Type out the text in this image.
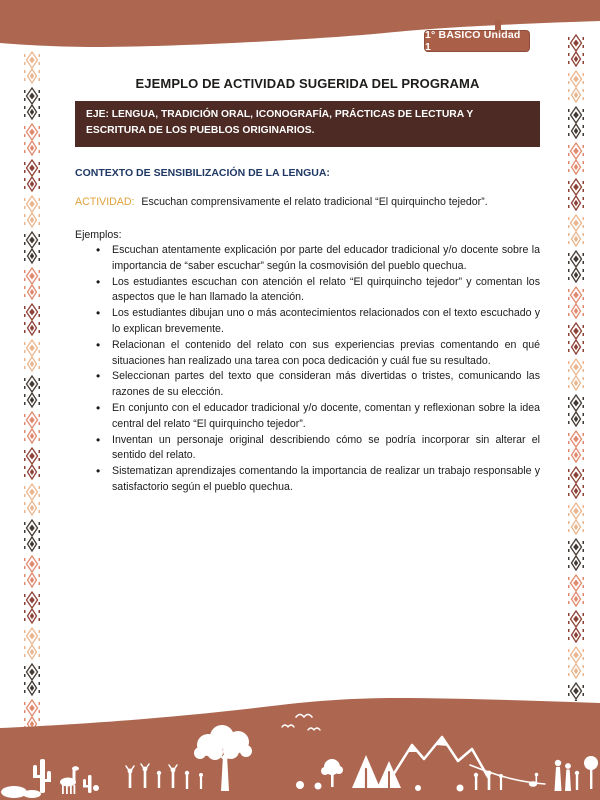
1° BÁSICO Unidad 1
EJEMPLO DE ACTIVIDAD SUGERIDA DEL PROGRAMA
EJE: LENGUA, TRADICIÓN ORAL, ICONOGRAFÍA, PRÁCTICAS DE LECTURA Y ESCRITURA DE LOS PUEBLOS ORIGINARIOS.
CONTEXTO DE SENSIBILIZACIÓN DE LA LENGUA:

ACTIVIDAD: Escuchan comprensivamente el relato tradicional “El quirquincho tejedor”.

Ejemplos:

• Escuchan atentamente explicación por parte del educador tradicional y/o docente sobre la importancia de “saber escuchar” según la cosmovisión del pueblo quechua.
• Los estudiantes escuchan con atención el relato “El quirquincho tejedor” y comentan los aspectos que le han llamado la atención.
• Los estudiantes dibujan uno o más acontecimientos relacionados con el texto escuchado y lo explican brevemente.
• Relacionan el contenido del relato con sus experiencias previas comentando en qué situaciones han realizado una tarea con poca dedicación y cuál fue su resultado.
• Seleccionan partes del texto que consideran más divertidas o tristes, comunicando las razones de su elección.
• En conjunto con el educador tradicional y/o docente, comentan y reflexionan sobre la idea central del relato “El quirquincho tejedor”.
• Inventan un personaje original describiendo cómo se podría incorporar sin alterar el sentido del relato.
• Sistematizan aprendizajes comentando la importancia de realizar un trabajo responsable y satisfactorio según el pueblo quechua.
